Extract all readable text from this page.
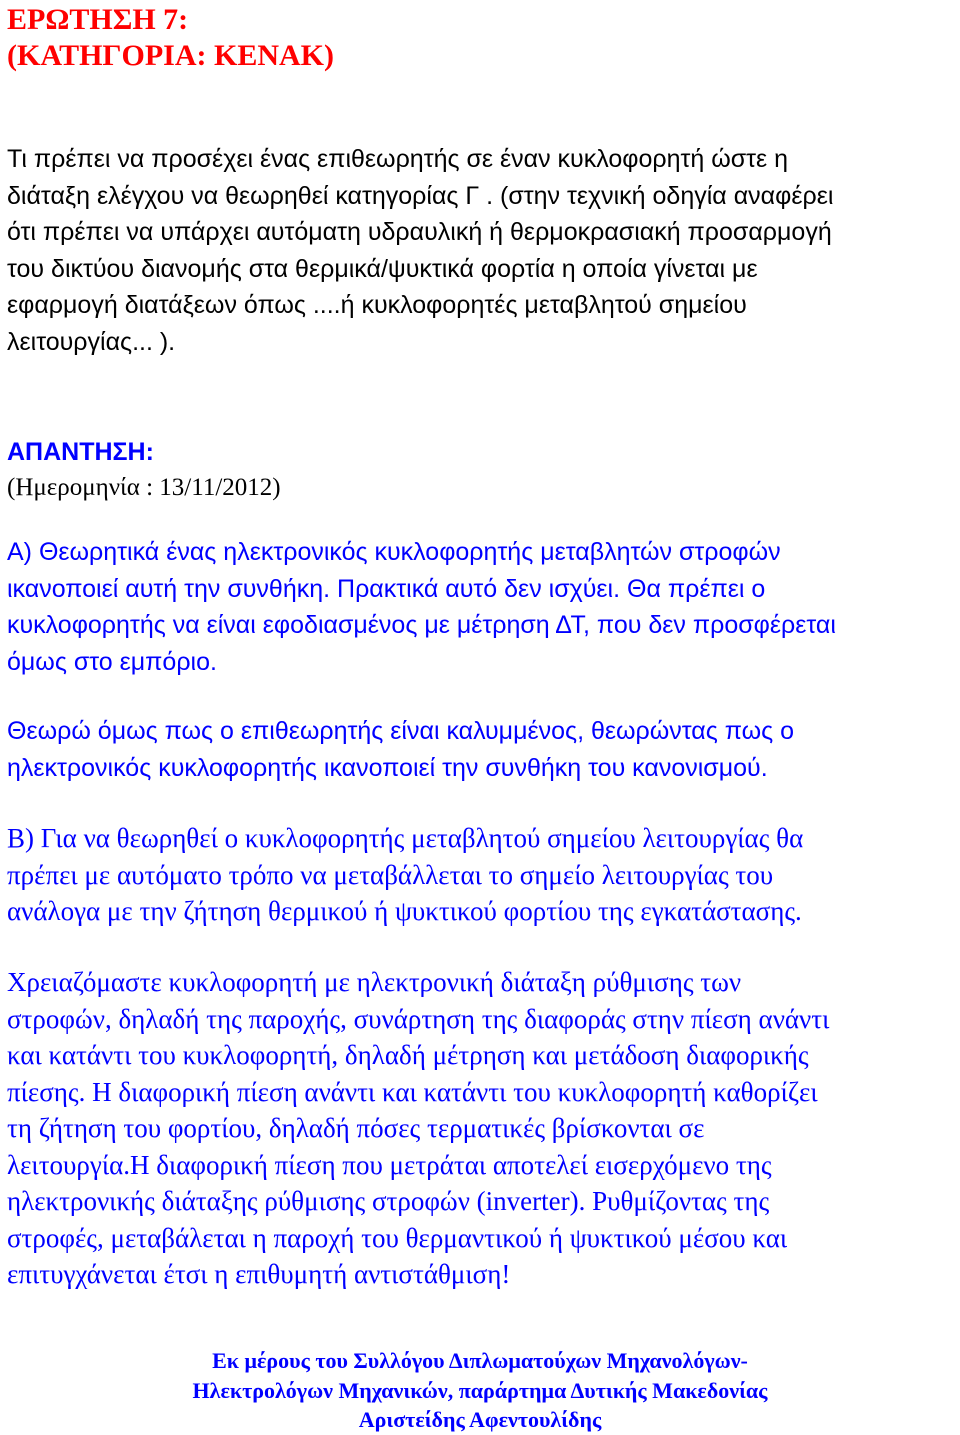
ΕΡΩΤΗΣΗ 7:
(ΚΑΤΗΓΟΡΙΑ: ΚΕΝΑΚ)
Τι πρέπει να προσέχει ένας επιθεωρητής σε έναν κυκλοφορητή ώστε η
διάταξη ελέγχου να θεωρηθεί κατηγορίας Γ . (στην τεχνική οδηγία αναφέρει
ότι πρέπει να υπάρχει αυτόματη υδραυλική ή θερμοκρασιακή προσαρμογή
του δικτύου διανομής στα θερμικά/ψυκτικά φορτία η οποία γίνεται με
εφαρμογή διατάξεων όπως ....ή κυκλοφορητές μεταβλητού σημείου
λειτουργίας... ).
ΑΠΑΝΤΗΣΗ:
(Ημερομηνία : 13/11/2012)
Α) Θεωρητικά ένας ηλεκτρονικός κυκλοφορητής μεταβλητών στροφών
ικανοποιεί αυτή την συνθήκη. Πρακτικά αυτό δεν ισχύει. Θα πρέπει ο
κυκλοφορητής να είναι εφοδιασμένος με μέτρηση ΔΤ, που δεν προσφέρεται
όμως στο εμπόριο.
Θεωρώ όμως πως ο επιθεωρητής είναι καλυμμένος, θεωρώντας πως ο
ηλεκτρονικός κυκλοφορητής ικανοποιεί την συνθήκη του κανονισμού.
Β) Για να θεωρηθεί ο κυκλοφορητής μεταβλητού σημείου λειτουργίας θα
πρέπει με αυτόματο τρόπο να μεταβάλλεται το σημείο λειτουργίας του
ανάλογα με την ζήτηση θερμικού ή ψυκτικού φορτίου της εγκατάστασης.
Χρειαζόμαστε κυκλοφορητή με ηλεκτρονική διάταξη ρύθμισης των
στροφών, δηλαδή της παροχής, συνάρτηση της διαφοράς στην πίεση ανάντι
και κατάντι του κυκλοφορητή, δηλαδή μέτρηση και μετάδοση διαφορικής
πίεσης. Η διαφορική πίεση ανάντι και κατάντι του κυκλοφορητή καθορίζει
τη ζήτηση του φορτίου, δηλαδή πόσες τερματικές βρίσκονται σε
λειτουργία.Η διαφορική πίεση που μετράται αποτελεί εισερχόμενο της
ηλεκτρονικής διάταξης ρύθμισης στροφών (inverter). Ρυθμίζοντας της
στροφές, μεταβάλεται η παροχή του θερμαντικού ή ψυκτικού μέσου και
επιτυγχάνεται έτσι η επιθυμητή αντιστάθμιση!
Εκ μέρους του Συλλόγου Διπλωματούχων Μηχανολόγων-
Ηλεκτρολόγων Μηχανικών, παράρτημα Δυτικής Μακεδονίας
Αριστείδης Αφεντουλίδης
